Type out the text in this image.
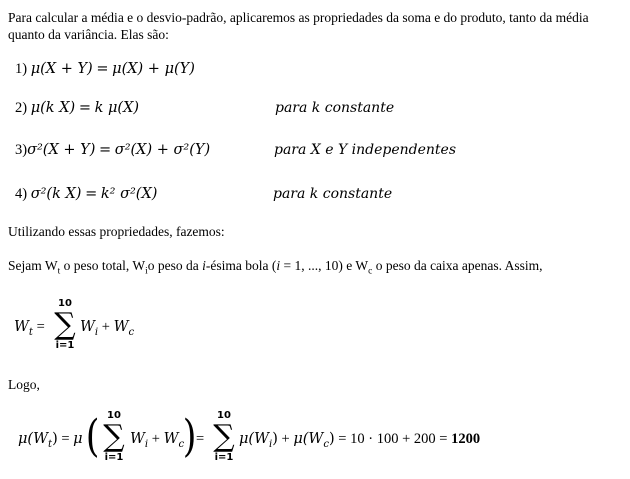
Para calcular a média e o desvio-padrão, aplicaremos as propriedades da soma e do produto, tanto da média
quanto da variância. Elas são:
1) μ(X + Y) = μ(X) + μ(Y)
2) μ(k X) = k μ(X)	para k constante
3)σ²(X + Y) = σ²(X) + σ²(Y)	para X e Y independentes
4) σ²(k X) = k² σ²(X)	para k constante
Utilizando essas propriedades, fazemos:
Sejam $W_t$ o peso total, $W_io$ peso da i-ésima bola (i = 1, ..., 10) e $W_c$ o peso da caixa apenas. Assim,
$W_t$ =
10
∑
i=1
$W_i + W_c$
Logo,
$\mu(W_t) = \mu$ ( 10
∑
i=1
$W_i + W_c$
) =
10
∑
i=1
$\mu(W_i) + \mu(W_c) = 10 \cdot 100 + 200 = 1200$
